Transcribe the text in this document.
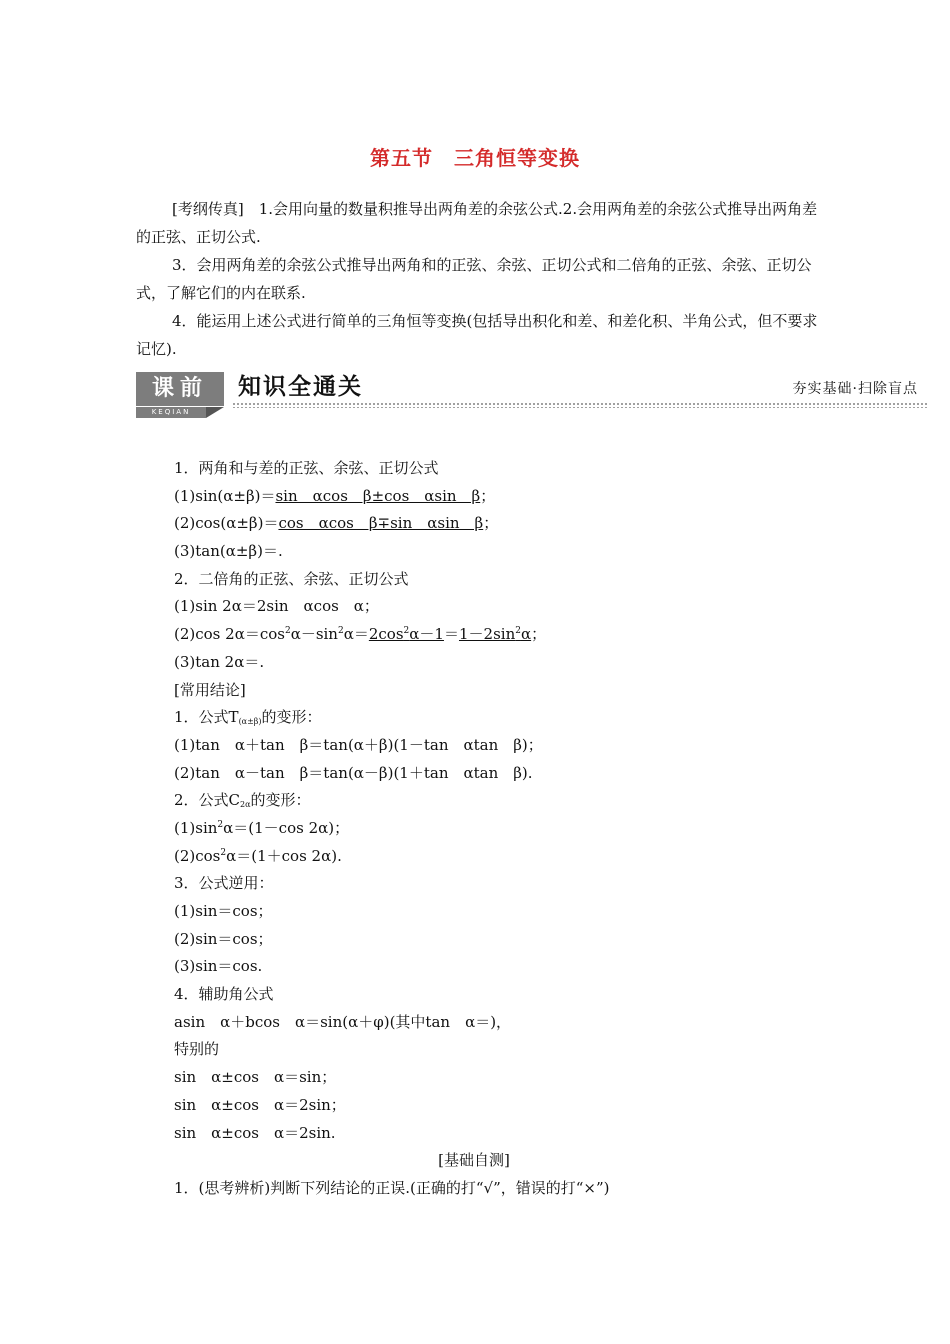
第五节　三角恒等变换

[考纲传真]　1.会用向量的数量积推导出两角差的余弦公式.2.会用两角差的余弦公式推导出两角差的正弦、正切公式.

3．会用两角差的余弦公式推导出两角和的正弦、余弦、正切公式和二倍角的正弦、余弦、正切公式，了解它们的内在联系.

4．能运用上述公式进行简单的三角恒等变换(包括导出积化和差、和差化积、半角公式，但不要求记忆).

课前
KEQIAN
知识全通关	夯实基础·扫除盲点
1．两角和与差的正弦、余弦、正切公式
(1)sin(α±β)＝sin　αcos　β±cos　αsin　β；
(2)cos(α±β)＝cos　αcos　β∓sin　αsin　β；
(3)tan(α±β)＝.
2．二倍角的正弦、余弦、正切公式
(1)sin 2α＝2sin　αcos　α；
(2)cos $2\alpha=\cos^2\alpha-\sin^2\alpha=2\cos^2\alpha-1=1-2\sin^2\alpha$；
(3)tan 2α＝.
[常用结论]
1．公式$T_{(\alpha\pm\beta)}$的变形：
(1)tan　α＋tan　β＝tan(α＋β)(1－tan　αtan　β)；
(2)tan　α－tan　β＝tan(α－β)(1＋tan　αtan　β).
2．公式$C_{2\alpha}$的变形：
$(1)\sin^2\alpha=(1-\cos$ 2α)；
$(2)\cos^2\alpha=(1+\cos$ 2α).
3．公式逆用：
(1)sin＝cos；
(2)sin＝cos；
(3)sin＝cos.
4．辅助角公式
asin　α＋bcos　α＝sin(α＋φ)(其中tan　α＝)，
特别的
sin　α±cos　α＝sin；
sin　α±cos　α＝2sin；
sin　α±cos　α＝2sin.
[基础自测]
1．(思考辨析)判断下列结论的正误.(正确的打“√”，错误的打“×”)
